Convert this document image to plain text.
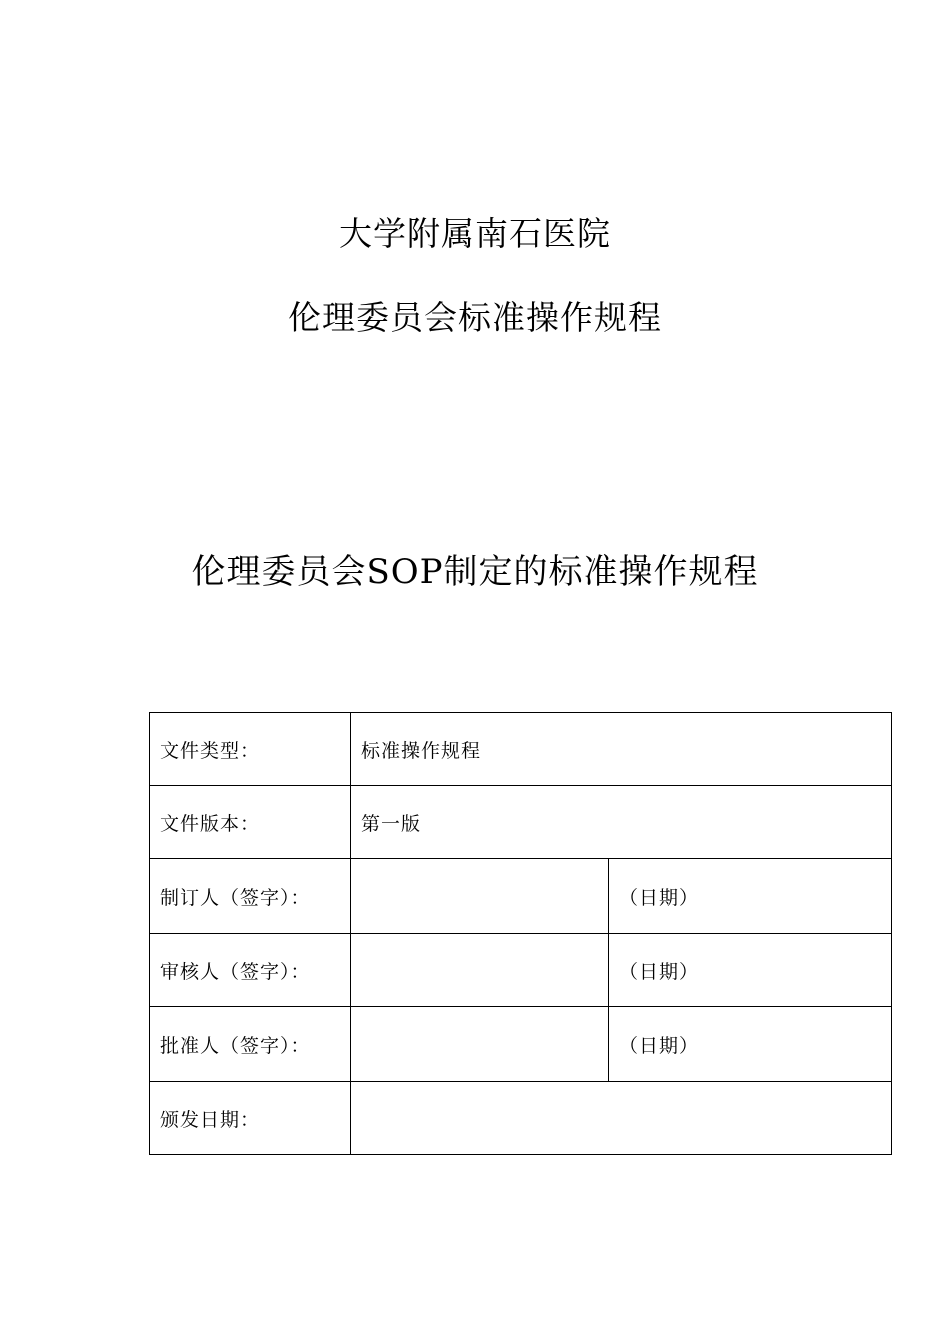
大学附属南石医院
伦理委员会标准操作规程
伦理委员会SOP制定的标准操作规程
文件类型：	标准操作规程	
文件版本：	第一版	
制订人（签字）：		（日期）
审核人（签字）：		（日期）
批准人（签字）：		（日期）
颁发日期：		
